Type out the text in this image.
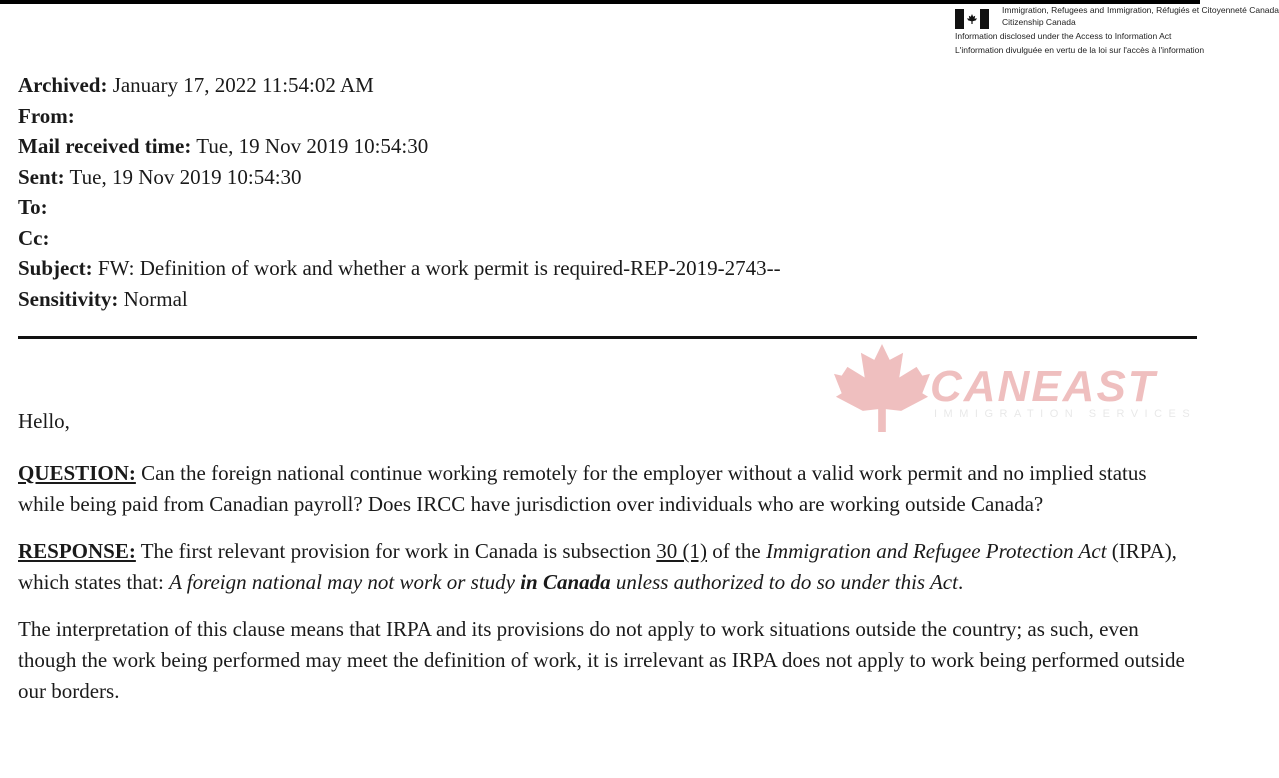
Immigration, Refugees and Citizenship Canada
Immigration, Réfugiés et Citoyenneté Canada
Information disclosed under the Access to Information Act
L'information divulguée en vertu de la loi sur l'accès à l'information
Archived: January 17, 2022 11:54:02 AM
From:
Mail received time: Tue, 19 Nov 2019 10:54:30
Sent: Tue, 19 Nov 2019 10:54:30
To:
Cc:
Subject: FW: Definition of work and whether a work permit is required-REP-2019-2743--
Sensitivity: Normal
CANEAST
IMMIGRATION SERVICES

Hello,

QUESTION: Can the foreign national continue working remotely for the employer without a valid work permit and no implied status while being paid from Canadian payroll? Does IRCC have jurisdiction over individuals who are working outside Canada?

RESPONSE: The first relevant provision for work in Canada is subsection 30 (1) of the Immigration and Refugee Protection Act (IRPA), which states that: A foreign national may not work or study in Canada unless authorized to do so under this Act.

The interpretation of this clause means that IRPA and its provisions do not apply to work situations outside the country; as such, even though the work being performed may meet the definition of work, it is irrelevant as IRPA does not apply to work being performed outside our borders.
